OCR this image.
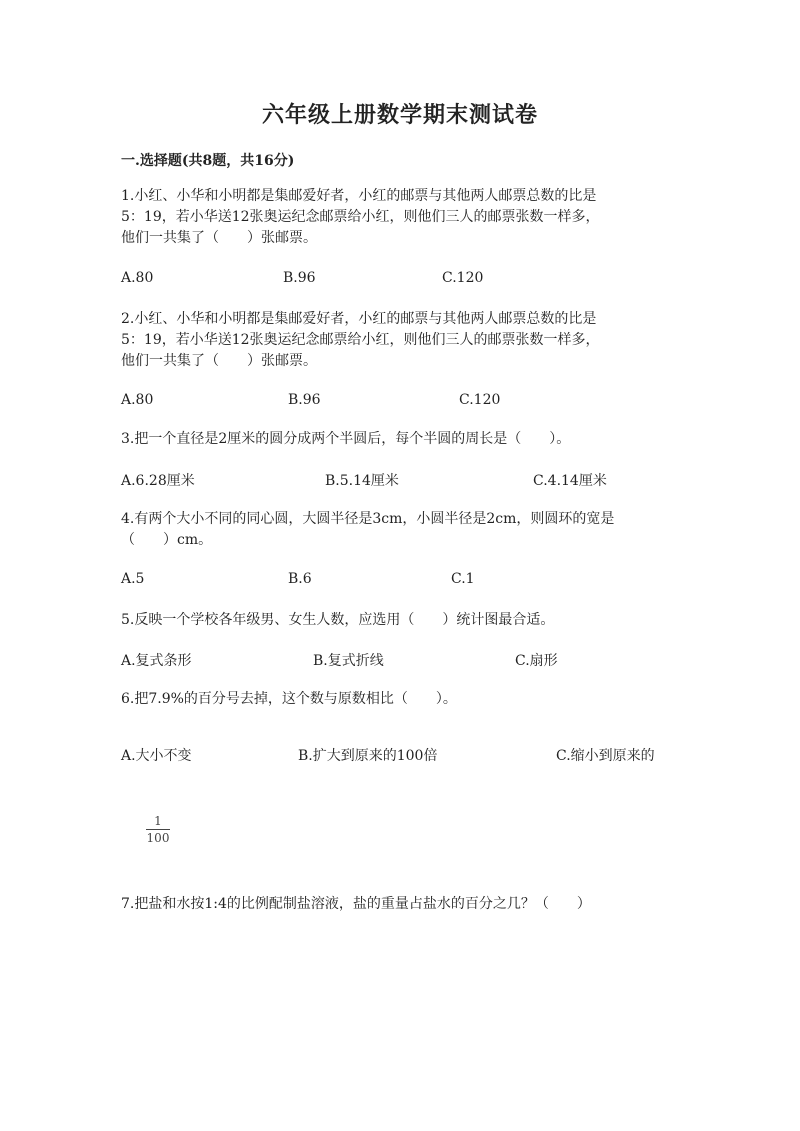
六年级上册数学期末测试卷
一.选择题(共8题，共16分)
1.小红、小华和小明都是集邮爱好者，小红的邮票与其他两人邮票总数的比是
5：19，若小华送12张奥运纪念邮票给小红，则他们三人的邮票张数一样多，
他们一共集了（　　）张邮票。
A.80	B.96	C.120
2.小红、小华和小明都是集邮爱好者，小红的邮票与其他两人邮票总数的比是
5：19，若小华送12张奥运纪念邮票给小红，则他们三人的邮票张数一样多，
他们一共集了（　　）张邮票。
A.80	B.96	C.120
3.把一个直径是2厘米的圆分成两个半圆后，每个半圆的周长是（　　）。
A.6.28厘米	B.5.14厘米	C.4.14厘米
4.有两个大小不同的同心圆，大圆半径是3cm，小圆半径是2cm，则圆环的宽是
（　　）cm。
A.5	B.6	C.1
5.反映一个学校各年级男、女生人数，应选用（　　）统计图最合适。
A.复式条形	B.复式折线	C.扇形
6.把7.9%的百分号去掉，这个数与原数相比（　　）。
A.大小不变	B.扩大到原来的100倍	C.缩小到原来的
1
100
7.把盐和水按1:4的比例配制盐溶液，盐的重量占盐水的百分之几？（　　）
